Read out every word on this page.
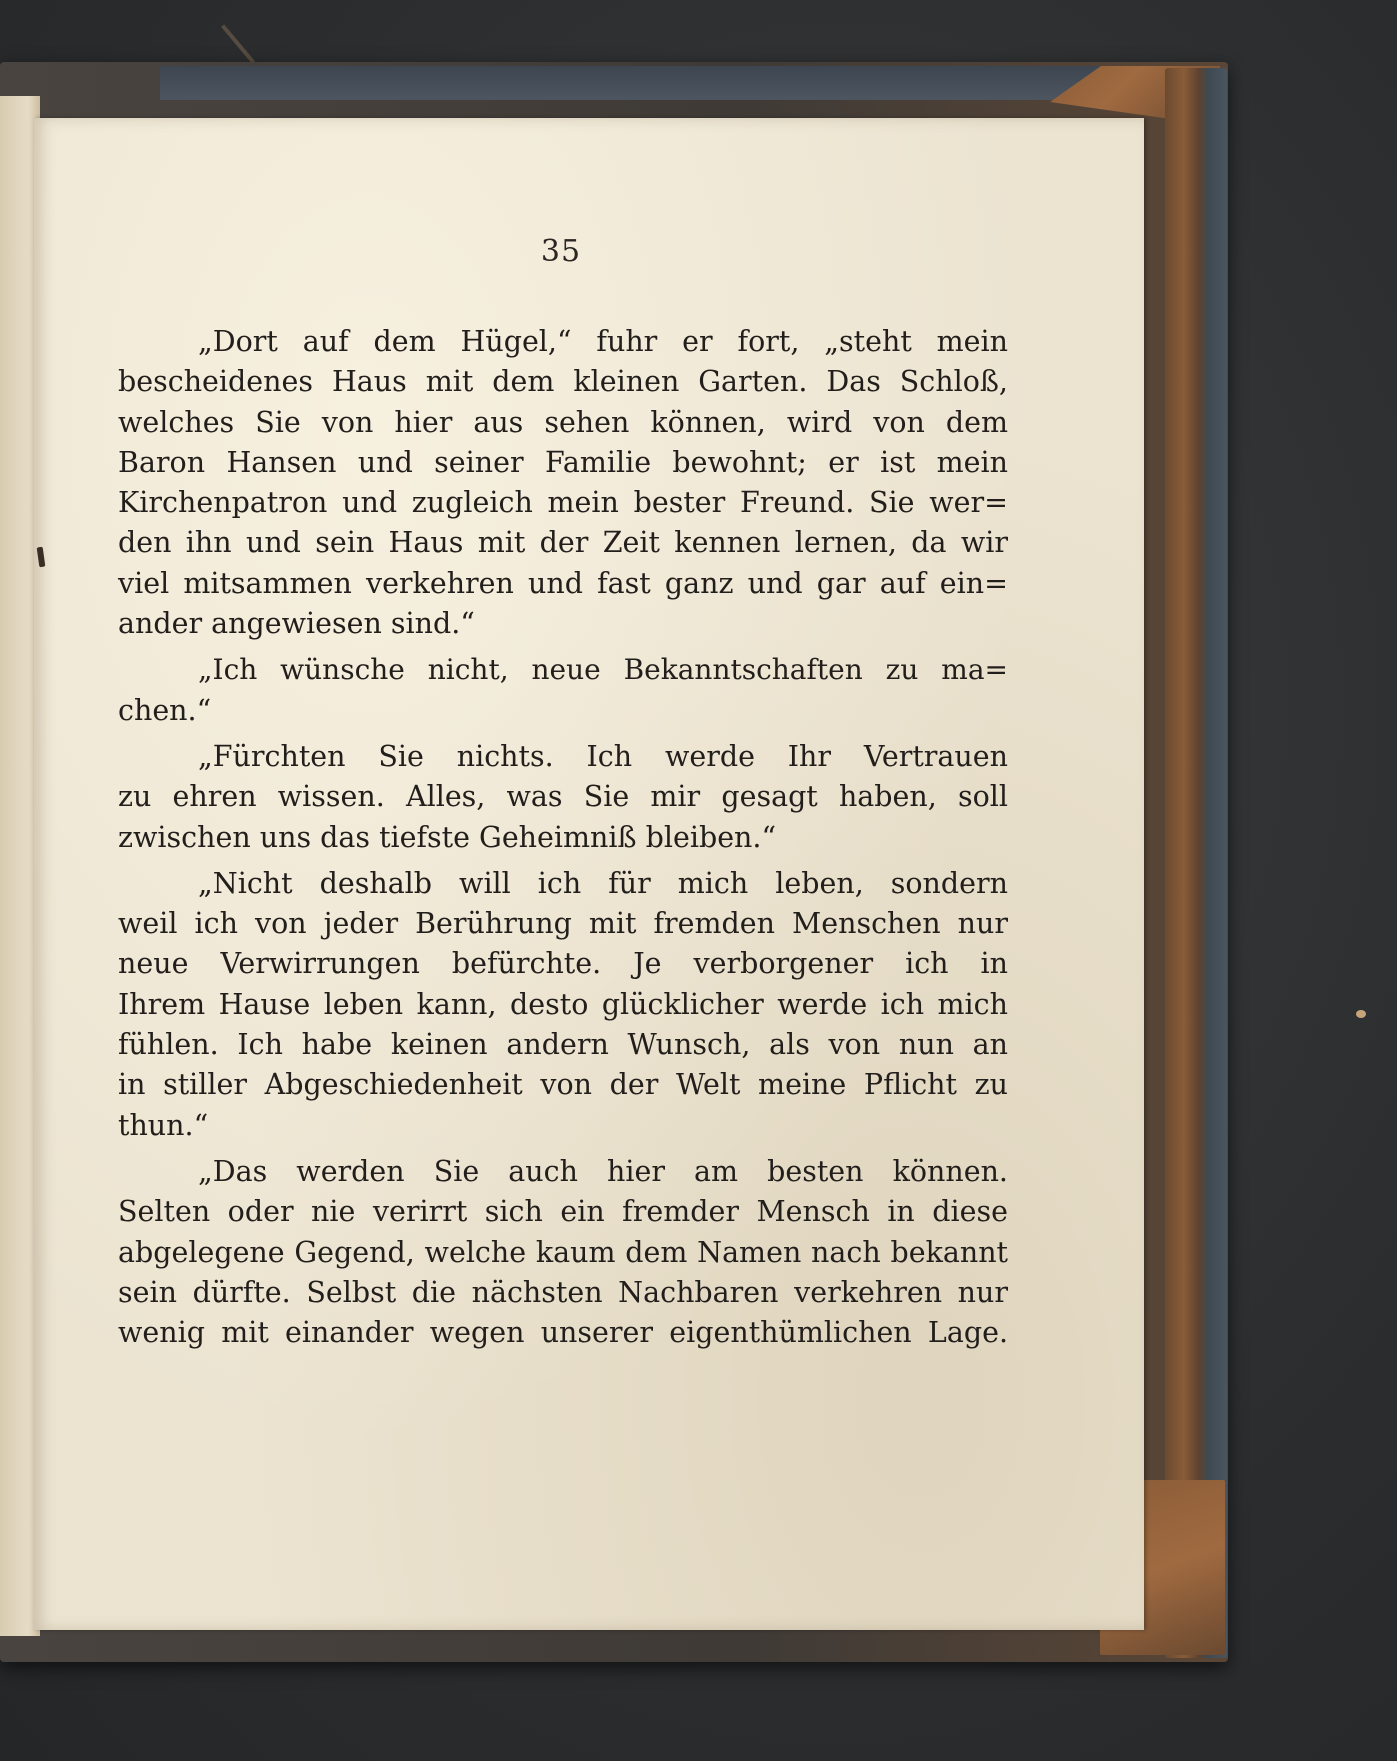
35

„Dort auf dem Hügel,“ fuhr er fort, „steht mein
bescheidenes Haus mit dem kleinen Garten. Das Schloß,
welches Sie von hier aus sehen können, wird von dem
Baron Hansen und seiner Familie bewohnt; er ist mein
Kirchenpatron und zugleich mein bester Freund. Sie wer=
den ihn und sein Haus mit der Zeit kennen lernen, da wir
viel mitsammen verkehren und fast ganz und gar auf ein=
ander angewiesen sind.“

„Ich wünsche nicht, neue Bekanntschaften zu ma=
chen.“

„Fürchten Sie nichts. Ich werde Ihr Vertrauen
zu ehren wissen. Alles, was Sie mir gesagt haben, soll
zwischen uns das tiefste Geheimniß bleiben.“

„Nicht deshalb will ich für mich leben, sondern
weil ich von jeder Berührung mit fremden Menschen nur
neue Verwirrungen befürchte. Je verborgener ich in
Ihrem Hause leben kann, desto glücklicher werde ich mich
fühlen. Ich habe keinen andern Wunsch, als von nun an
in stiller Abgeschiedenheit von der Welt meine Pflicht zu
thun.“

„Das werden Sie auch hier am besten können.
Selten oder nie verirrt sich ein fremder Mensch in diese
abgelegene Gegend, welche kaum dem Namen nach bekannt
sein dürfte. Selbst die nächsten Nachbaren verkehren nur
wenig mit einander wegen unserer eigenthümlichen Lage.
